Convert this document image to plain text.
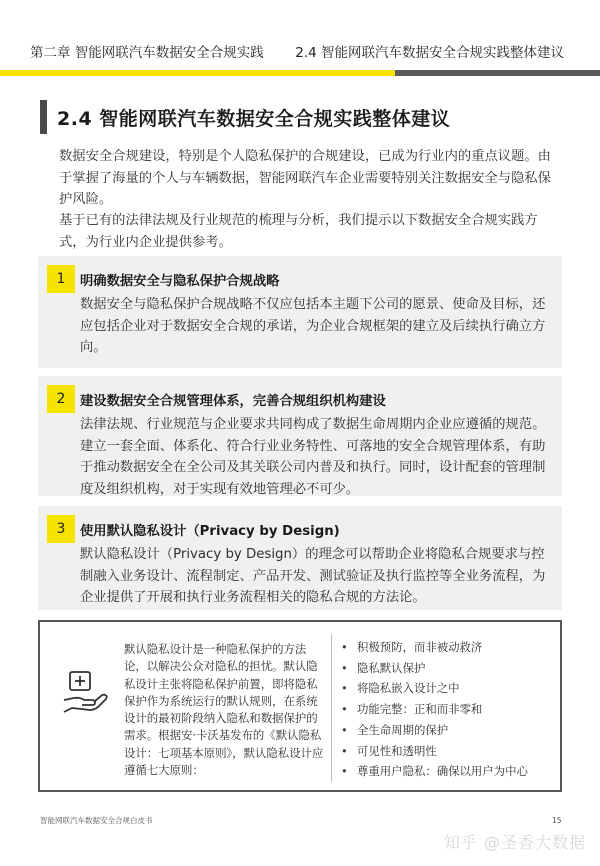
第二章 智能网联汽车数据安全合规实践 2.4 智能网联汽车数据安全合规实践整体建议
2.4 智能网联汽车数据安全合规实践整体建议

数据安全合规建设，特别是个人隐私保护的合规建设，已成为行业内的重点议题。由于掌握了海量的个人与车辆数据，智能网联汽车企业需要特别关注数据安全与隐私保护风险。

基于已有的法律法规及行业规范的梳理与分析，我们提示以下数据安全合规实践方式，为行业内企业提供参考。

1	明确数据安全与隐私保护合规战略
数据安全与隐私保护合规战略不仅应包括本主题下公司的愿景、使命及目标，还应包括企业对于数据安全合规的承诺，为企业合规框架的建立及后续执行确立方向。
2	建设数据安全合规管理体系，完善合规组织机构建设
法律法规、行业规范与企业要求共同构成了数据生命周期内企业应遵循的规范。建立一套全面、体系化、符合行业业务特性、可落地的安全合规管理体系，有助于推动数据安全在全公司及其关联公司内普及和执行。同时，设计配套的管理制度及组织机构，对于实现有效地管理必不可少。
3	使用默认隐私设计（Privacy by Design)
默认隐私设计（Privacy by Design）的理念可以帮助企业将隐私合规要求与控制融入业务设计、流程制定、产品开发、测试验证及执行监控等全业务流程，为企业提供了开展和执行业务流程相关的隐私合规的方法论。

默认隐私设计是一种隐私保护的方法论，以解决公众对隐私的担忧。默认隐私设计主张将隐私保护前置，即将隐私保护作为系统运行的默认规则，在系统设计的最初阶段纳入隐私和数据保护的需求。根据安·卡沃基发布的《默认隐私设计：七项基本原则》，默认隐私设计应遵循七大原则：

• 积极预防，而非被动救济
• 隐私默认保护
• 将隐私嵌入设计之中
• 功能完整：正和而非零和
• 全生命周期的保护
• 可见性和透明性
• 尊重用户隐私：确保以用户为中心
智能网联汽车数据安全合规白皮书	15
知乎 @圣香大数据
